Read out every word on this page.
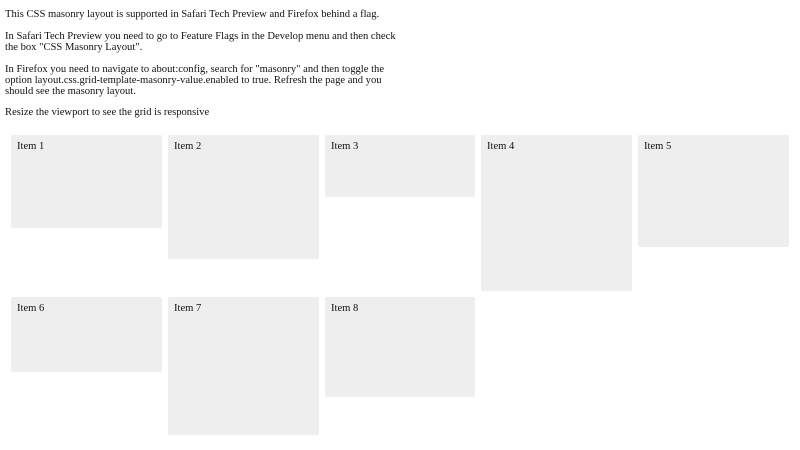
This CSS masonry layout is supported in Safari Tech Preview and Firefox behind a flag.

In Safari Tech Preview you need to go to Feature Flags in the Develop menu and then check the box "CSS Masonry Layout".

In Firefox you need to navigate to about:config, search for "masonry" and then toggle the option layout.css.grid-template-masonry-value.enabled to true. Refresh the page and you should see the masonry layout.

Resize the viewport to see the grid is responsive

Item 1	Item 2	Item 3	Item 4	Item 5
Item 6	Item 7	Item 8
